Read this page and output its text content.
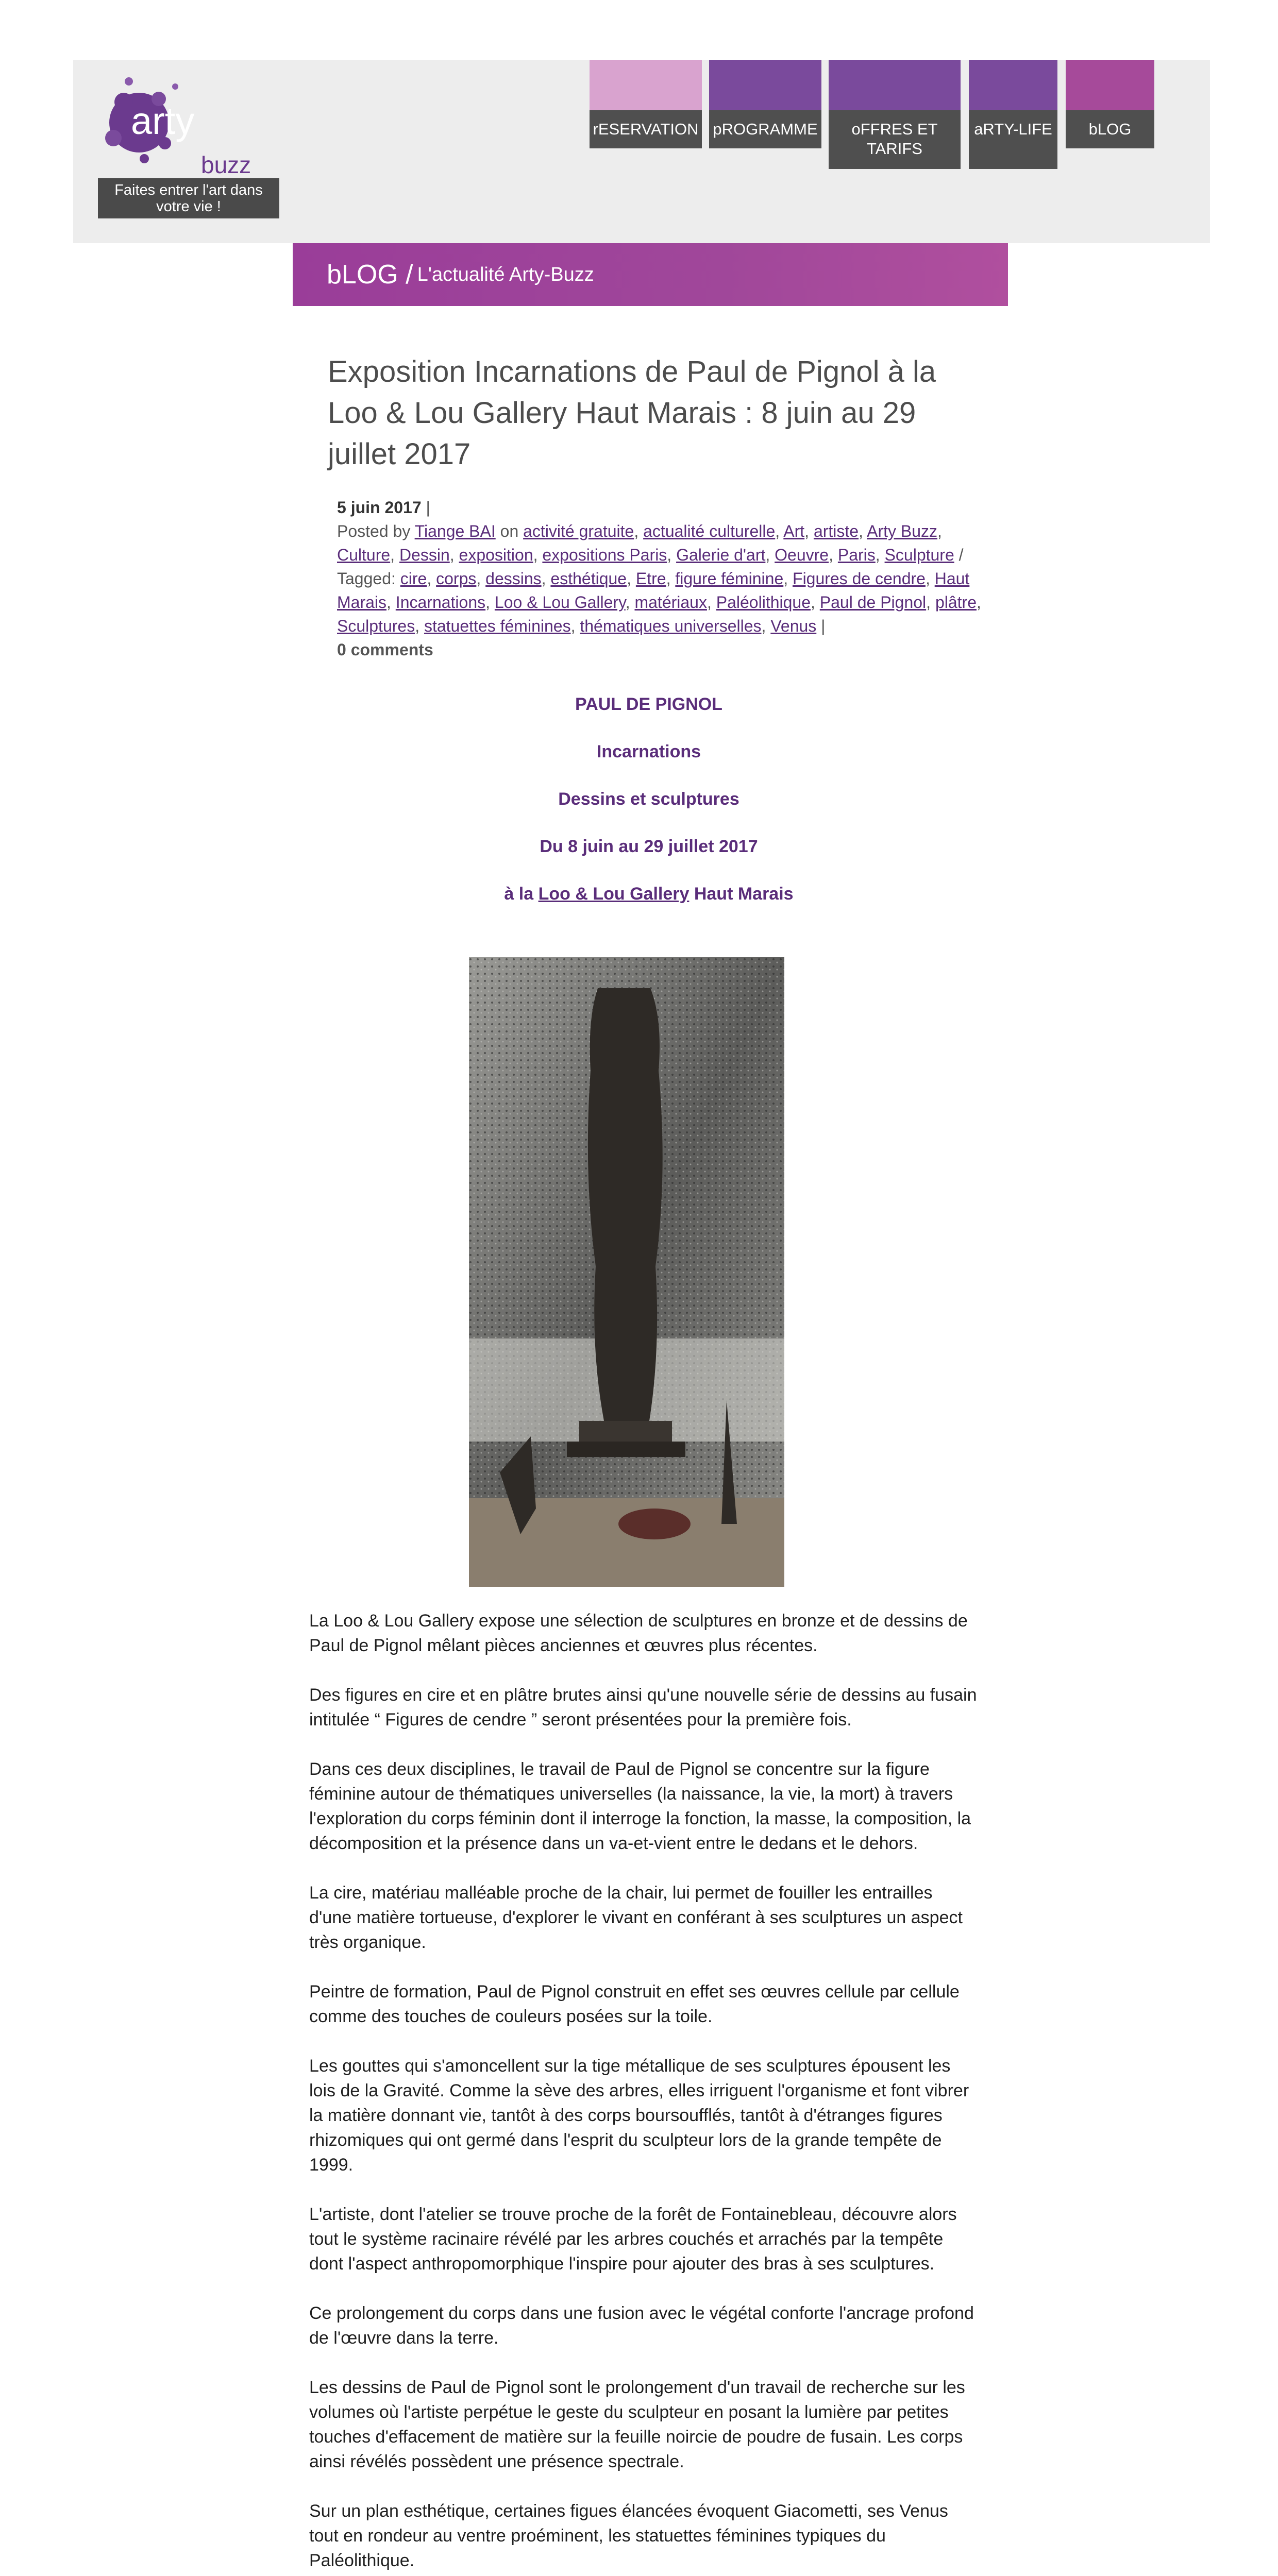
arty
buzz
Faites entrer l'art dans votre vie !
rESERVATION pROGRAMME	oFFRES ET TARIFS
aRTY-LIFE	bLOG
bLOG / L'actualité Arty-Buzz
Exposition Incarnations de Paul de Pignol à la Loo & Lou Gallery Haut Marais : 8 juin au 29 juillet 2017
5 juin 2017 |
Posted by Tiange BAI on activité gratuite, actualité culturelle, Art, artiste, Arty Buzz, Culture, Dessin, exposition, expositions Paris, Galerie d'art, Oeuvre, Paris, Sculpture / Tagged: cire, corps, dessins, esthétique, Etre, figure féminine, Figures de cendre, Haut Marais, Incarnations, Loo & Lou Gallery, matériaux, Paléolithique, Paul de Pignol, plâtre, Sculptures, statuettes féminines, thématiques universelles, Venus |
0 comments

PAUL DE PIGNOL

Incarnations

Dessins et sculptures

Du 8 juin au 29 juillet 2017

à la Loo & Lou Gallery Haut Marais

La Loo & Lou Gallery expose une sélection de sculptures en bronze et de dessins de Paul de Pignol mêlant pièces anciennes et œuvres plus récentes.

Des figures en cire et en plâtre brutes ainsi qu'une nouvelle série de dessins au fusain intitulée “ Figures de cendre ” seront présentées pour la première fois.

Dans ces deux disciplines, le travail de Paul de Pignol se concentre sur la figure féminine autour de thématiques universelles (la naissance, la vie, la mort) à travers l'exploration du corps féminin dont il interroge la fonction, la masse, la composition, la décomposition et la présence dans un va-et-vient entre le dedans et le dehors.

La cire, matériau malléable proche de la chair, lui permet de fouiller les entrailles d'une matière tortueuse, d'explorer le vivant en conférant à ses sculptures un aspect très organique.

Peintre de formation, Paul de Pignol construit en effet ses œuvres cellule par cellule comme des touches de couleurs posées sur la toile.

Les gouttes qui s'amoncellent sur la tige métallique de ses sculptures épousent les lois de la Gravité. Comme la sève des arbres, elles irriguent l'organisme et font vibrer la matière donnant vie, tantôt à des corps boursoufflés, tantôt à d'étranges figures rhizomiques qui ont germé dans l'esprit du sculpteur lors de la grande tempête de 1999.

L'artiste, dont l'atelier se trouve proche de la forêt de Fontainebleau, découvre alors tout le système racinaire révélé par les arbres couchés et arrachés par la tempête dont l'aspect anthropomorphique l'inspire pour ajouter des bras à ses sculptures.

Ce prolongement du corps dans une fusion avec le végétal conforte l'ancrage profond de l'œuvre dans la terre.

Les dessins de Paul de Pignol sont le prolongement d'un travail de recherche sur les volumes où l'artiste perpétue le geste du sculpteur en posant la lumière par petites touches d'effacement de matière sur la feuille noircie de poudre de fusain. Les corps ainsi révélés possèdent une présence spectrale.

Sur un plan esthétique, certaines figues élancées évoquent Giacometti, ses Venus tout en rondeur au ventre proéminent, les statuettes féminines typiques du Paléolithique.
